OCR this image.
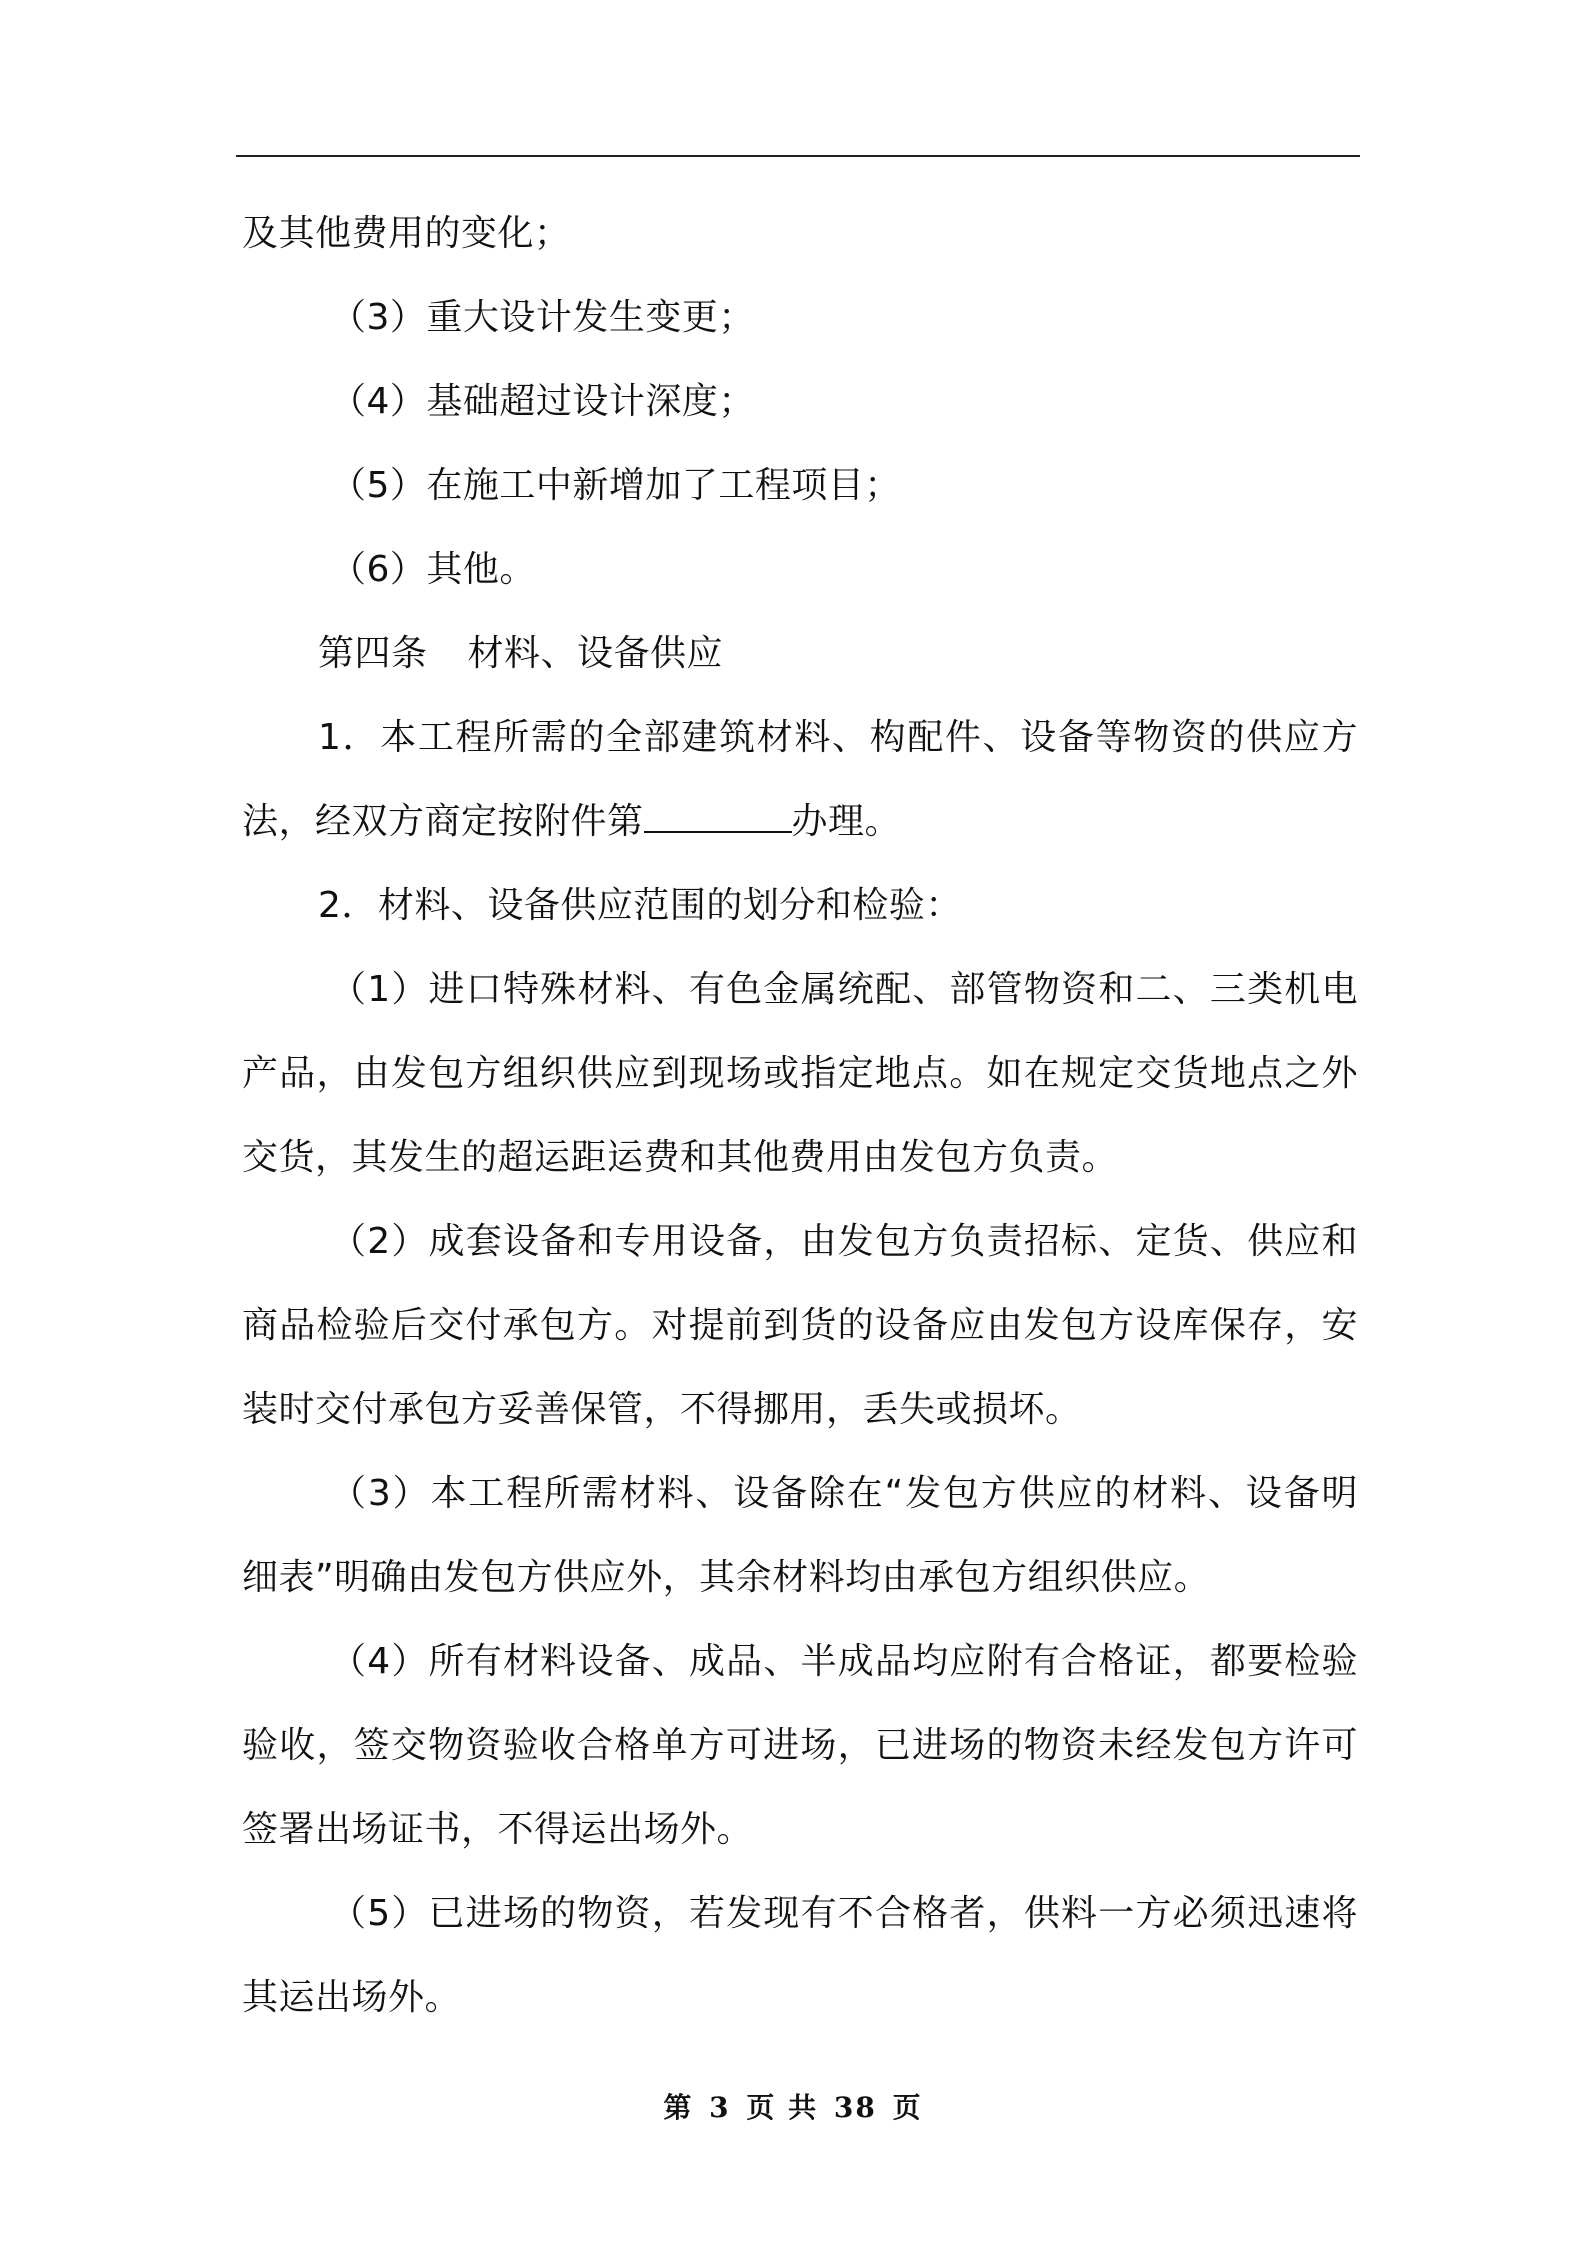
及其他费用的变化；

（3）重大设计发生变更；

（4）基础超过设计深度；

（5）在施工中新增加了工程项目；

（6）其他。

第四条 材料、设备供应

1．本工程所需的全部建筑材料、构配件、设备等物资的供应方法，经双方商定按附件第	办理。

2．材料、设备供应范围的划分和检验：

（1）进口特殊材料、有色金属统配、部管物资和二、三类机电产品，由发包方组织供应到现场或指定地点。如在规定交货地点之外交货，其发生的超运距运费和其他费用由发包方负责。

（2）成套设备和专用设备，由发包方负责招标、定货、供应和商品检验后交付承包方。对提前到货的设备应由发包方设库保存，安装时交付承包方妥善保管，不得挪用，丢失或损坏。

（3）本工程所需材料、设备除在“发包方供应的材料、设备明细表”明确由发包方供应外，其余材料均由承包方组织供应。

（4）所有材料设备、成品、半成品均应附有合格证，都要检验验收，签交物资验收合格单方可进场，已进场的物资未经发包方许可签署出场证书，不得运出场外。

（5）已进场的物资，若发现有不合格者，供料一方必须迅速将其运出场外。

第 3 页 共 38 页
